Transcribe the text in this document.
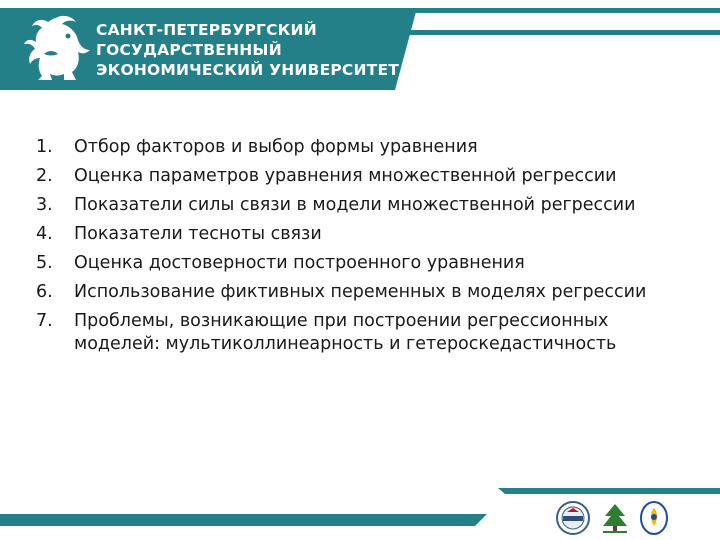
САНКТ-ПЕТЕРБУРГСКИЙ
ГОСУДАРСТВЕННЫЙ
ЭКОНОМИЧЕСКИЙ УНИВЕРСИТЕТ
1.	Отбор факторов и выбор формы уравнения
2.	Оценка параметров уравнения множественной регрессии
3.	Показатели силы связи в модели множественной регрессии
4.	Показатели тесноты связи
5.	Оценка достоверности построенного уравнения
6.	Использование фиктивных переменных в моделях регрессии
7.	Проблемы, возникающие при построении регрессионных моделей: мультиколлинеарность и гетероскедастичность
